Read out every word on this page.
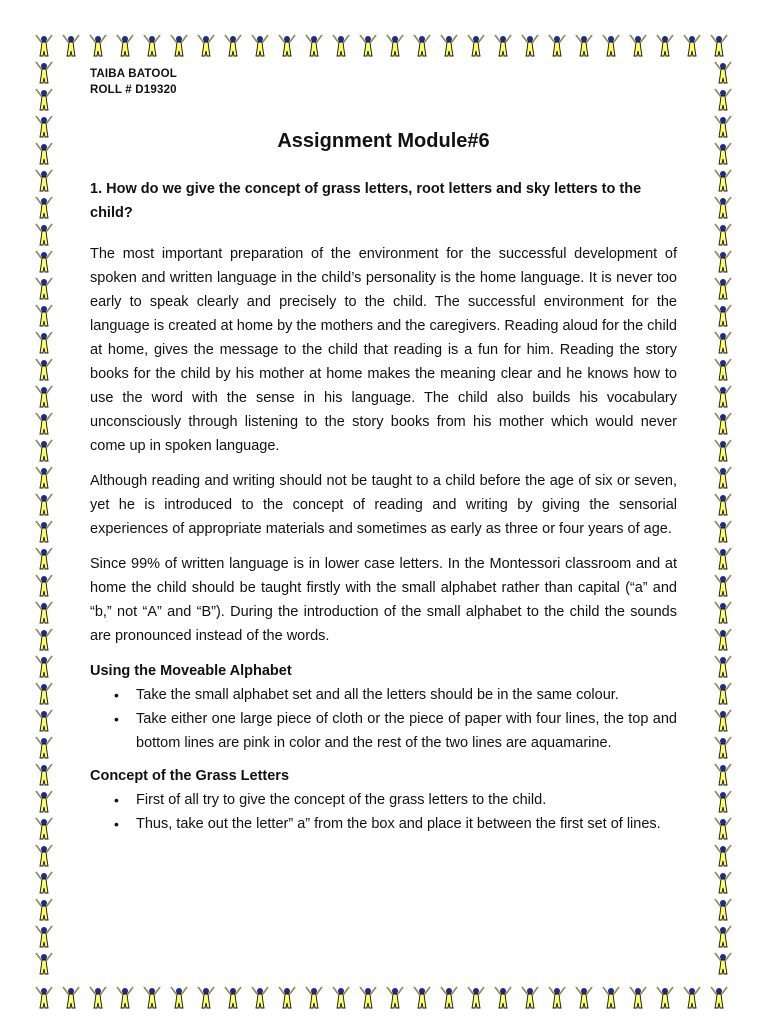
TAIBA BATOOL
ROLL # D19320
Assignment Module#6
1. How do we give the concept of grass letters, root letters and sky letters to the child?

The most important preparation of the environment for the successful development of spoken and written language in the child’s personality is the home language. It is never too early to speak clearly and precisely to the child. The successful environment for the language is created at home by the mothers and the caregivers. Reading aloud for the child at home, gives the message to the child that reading is a fun for him. Reading the story books for the child by his mother at home makes the meaning clear and he knows how to use the word with the sense in his language. The child also builds his vocabulary unconsciously through listening to the story books from his mother which would never come up in spoken language.

Although reading and writing should not be taught to a child before the age of six or seven, yet he is introduced to the concept of reading and writing by giving the sensorial experiences of appropriate materials and sometimes as early as three or four years of age.

Since 99% of written language is in lower case letters. In the Montessori classroom and at home the child should be taught firstly with the small alphabet rather than capital (“a” and “b,” not “A” and “B”). During the introduction of the small alphabet to the child the sounds are pronounced instead of the words.

Using the Moveable Alphabet
• Take the small alphabet set and all the letters should be in the same colour.
• Take either one large piece of cloth or the piece of paper with four lines, the top and bottom lines are pink in color and the rest of the two lines are aquamarine.
Concept of the Grass Letters
• First of all try to give the concept of the grass letters to the child.
• Thus, take out the letter” a” from the box and place it between the first set of lines.
